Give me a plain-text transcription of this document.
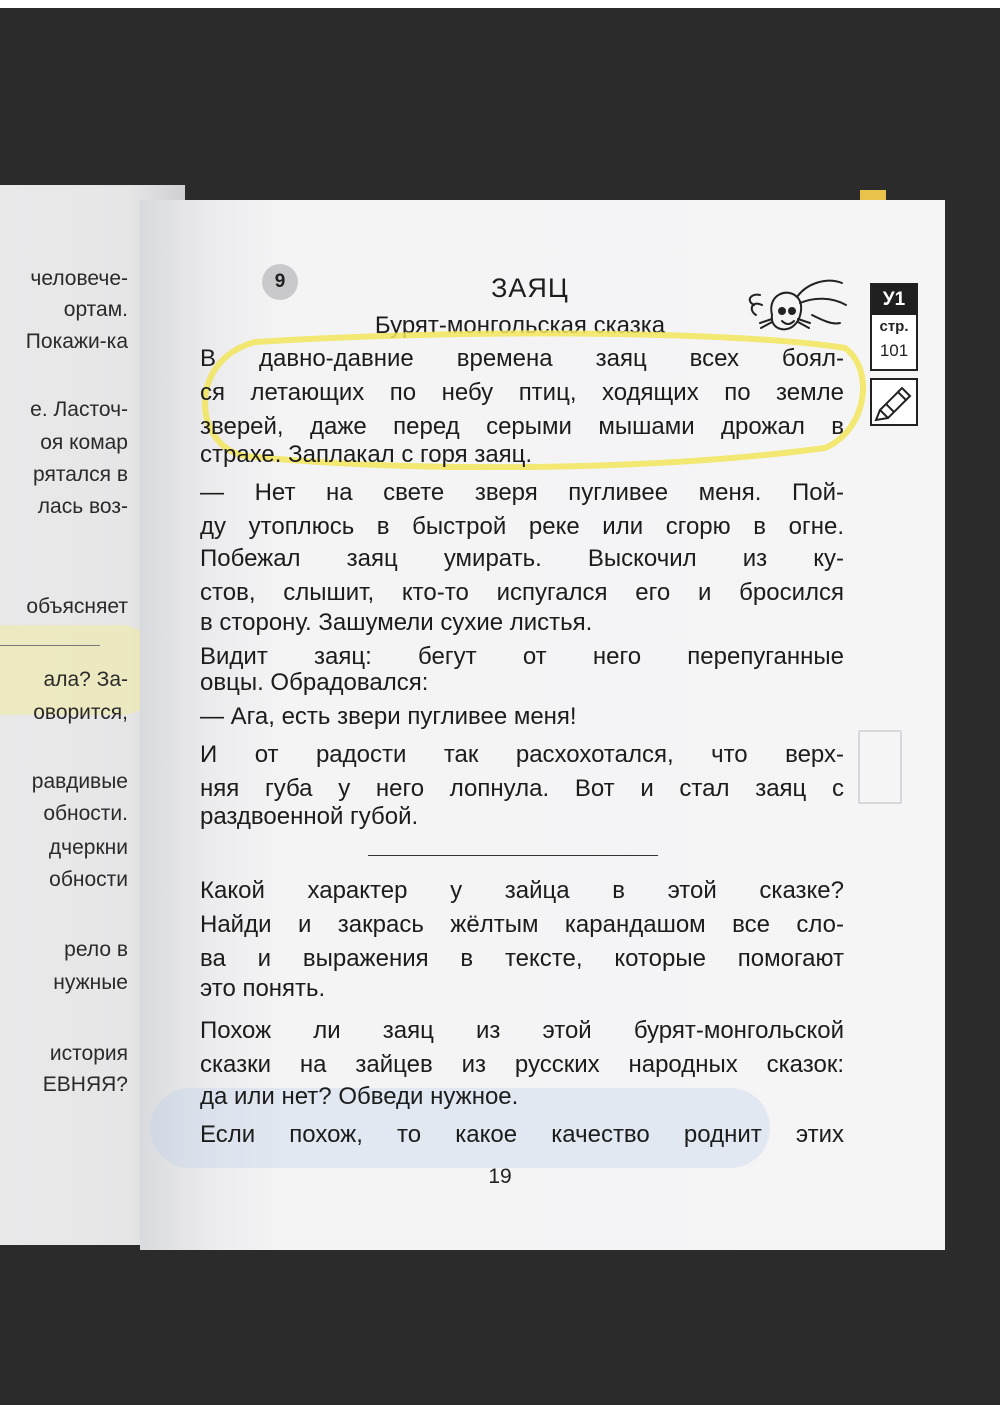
человече-
ортам.
Покажи-ка
е. Ласточ-
оя комар
рятался в
лась воз-
объясняет
ала? За-
оворится,
равдивые
обности.
дчеркни
обности
рело в
нужные
история
ЕВНЯЯ?
9	ЗАЯЦ
Бурят-монгольская сказка
У1
стр.
101
В давно-давние времена заяц всех боял-
ся летающих по небу птиц, ходящих по земле
зверей, даже перед серыми мышами дрожал в
страхе. Заплакал с горя заяц.
— Нет на свете зверя пугливее меня. Пой-
ду утоплюсь в быстрой реке или сгорю в огне.
Побежал заяц умирать. Выскочил из ку-
стов, слышит, кто-то испугался его и бросился
в сторону. Зашумели сухие листья.
Видит заяц: бегут от него перепуганные
овцы. Обрадовался:
— Ага, есть звери пугливее меня!
И от радости так расхохотался, что верх-
няя губа у него лопнула. Вот и стал заяц с
раздвоенной губой.
Какой характер у зайца в этой сказке?
Найди и закрась жёлтым карандашом все сло-
ва и выражения в тексте, которые помогают
это понять.
Похож ли заяц из этой бурят-монгольской
сказки на зайцев из русских народных сказок:
да или нет? Обведи нужное.
Если похож, то какое качество роднит этих
19
